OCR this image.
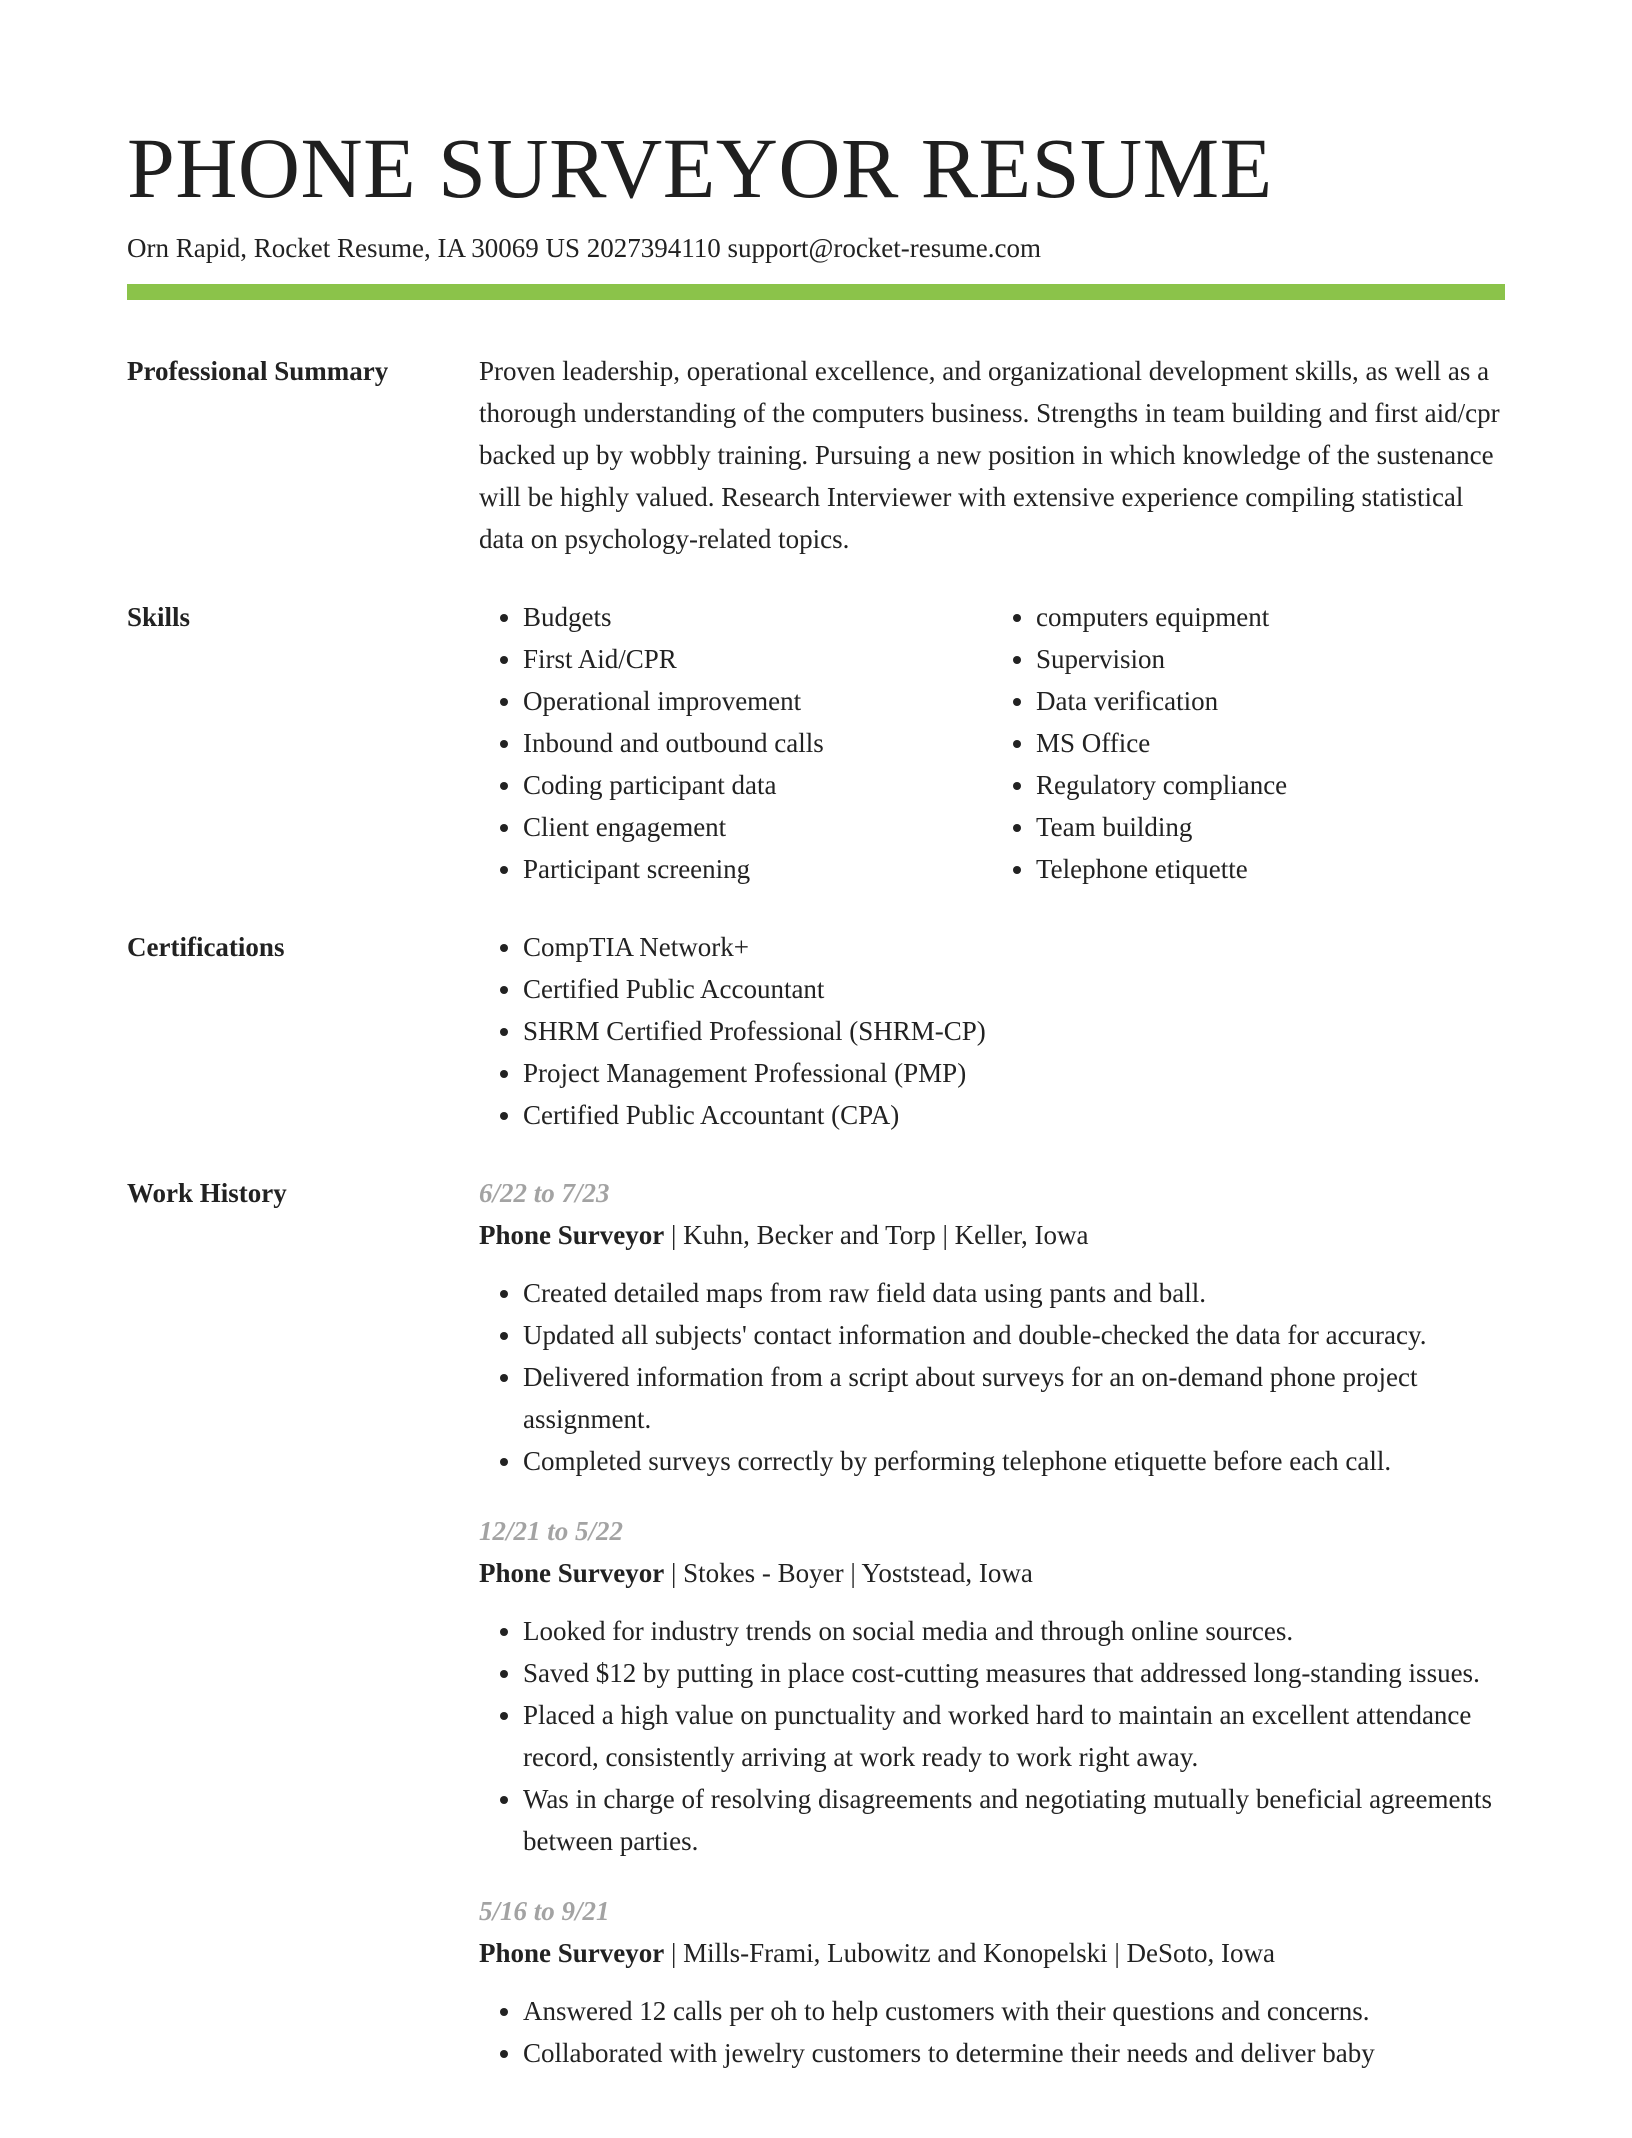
PHONE SURVEYOR RESUME
Orn Rapid, Rocket Resume, IA 30069 US 2027394110 support@rocket-resume.com
Professional Summary	Proven leadership, operational excellence, and organizational development skills, as well as a thorough understanding of the computers business. Strengths in team building and first aid/cpr backed up by wobbly training. Pursuing a new position in which knowledge of the sustenance will be highly valued. Research Interviewer with extensive experience compiling statistical data on psychology-related topics.

Skills	• Budgets
• First Aid/CPR
• Operational improvement
• Inbound and outbound calls
• Coding participant data
• Client engagement
• Participant screening
• computers equipment
• Supervision
• Data verification
• MS Office
• Regulatory compliance
• Team building
• Telephone etiquette
Certifications	• CompTIA Network+
• Certified Public Accountant
• SHRM Certified Professional (SHRM-CP)
• Project Management Professional (PMP)
• Certified Public Accountant (CPA)
Work History	6/22 to 7/23
Phone Surveyor | Kuhn, Becker and Torp | Keller, Iowa
• Created detailed maps from raw field data using pants and ball.
• Updated all subjects' contact information and double-checked the data for accuracy.
• Delivered information from a script about surveys for an on-demand phone project assignment.
• Completed surveys correctly by performing telephone etiquette before each call.
12/21 to 5/22
Phone Surveyor | Stokes - Boyer | Yoststead, Iowa
• Looked for industry trends on social media and through online sources.
• Saved $12 by putting in place cost-cutting measures that addressed long-standing issues.
• Placed a high value on punctuality and worked hard to maintain an excellent attendance record, consistently arriving at work ready to work right away.
• Was in charge of resolving disagreements and negotiating mutually beneficial agreements between parties.
5/16 to 9/21
Phone Surveyor | Mills-Frami, Lubowitz and Konopelski | DeSoto, Iowa
• Answered 12 calls per oh to help customers with their questions and concerns.
• Collaborated with jewelry customers to determine their needs and deliver baby
